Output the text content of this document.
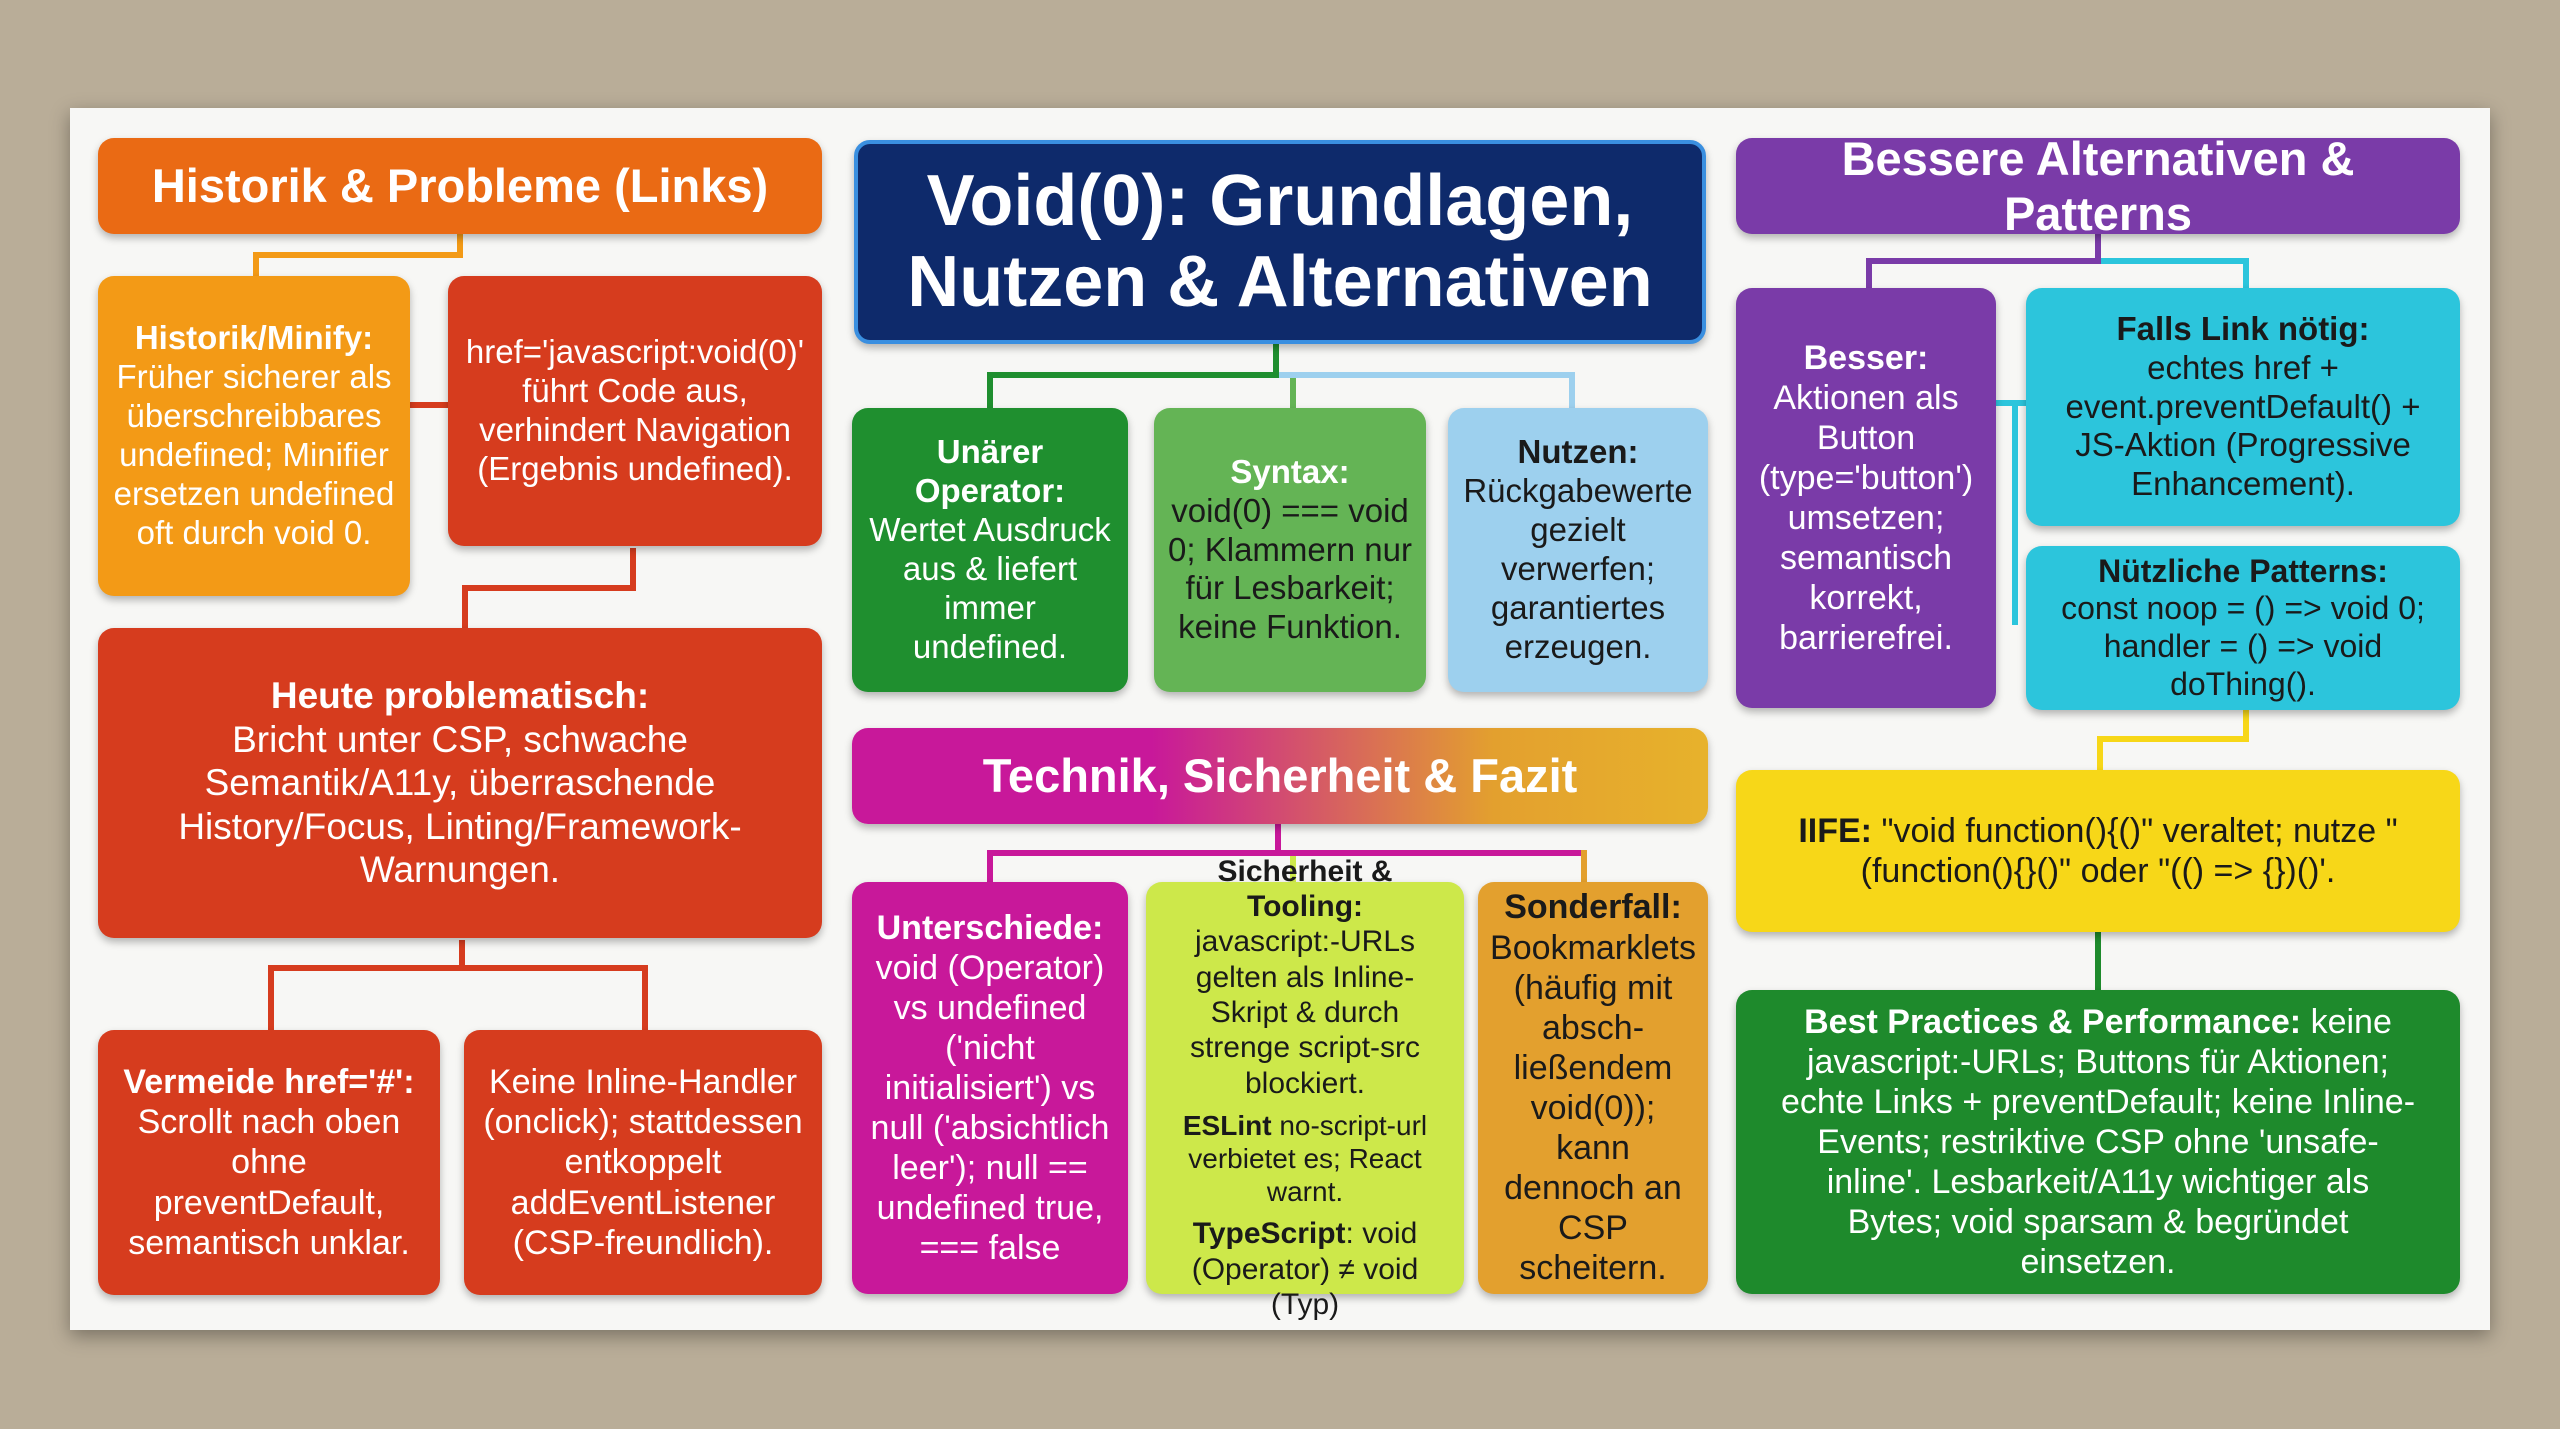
Historik & Probleme (Links)
Historik/Minify:

Früher sicherer als überschreibbares undefined; Minifier ersetzen undefined oft durch void 0.

href='javascript:void(0)' führt Code aus, verhindert Navigation (Ergebnis undefined).

Heute problematisch:

Bricht unter CSP, schwache Semantik/A11y, überraschende History/Focus, Linting/Framework-Warnungen.

Vermeide href='#':

Scrollt nach oben ohne preventDefault, semantisch unklar.

Keine Inline-Handler (onclick); stattdessen entkoppelt addEventListener (CSP-freundlich).

Void(0): Grundlagen,
Nutzen & Alternativen
Unärer Operator:

Wertet Ausdruck aus & liefert immer undefined.

Syntax:

void(0) === void 0; Klammern nur für Lesbarkeit; keine Funktion.

Nutzen:

Rückgabewerte gezielt verwerfen; garantiertes erzeugen.

Technik, Sicherheit & Fazit
Unterschiede:

void (Operator) vs undefined ('nicht initialisiert') vs null ('absichtlich leer'); null == undefined true, === false

Sicherheit & Tooling:

javascript:-URLs gelten als Inline-Skript & durch strenge script-src blockiert.

ESLint no-script-url verbietet es; React warnt.

TypeScript: void (Operator) ≠ void (Typ)

Sonderfall:

Bookmarklets (häufig mit absch-ließendem void(0)); kann dennoch an CSP scheitern.

Bessere Alternativen & Patterns
Besser:

Aktionen als Button (type='button') umsetzen; semantisch korrekt, barrierefrei.

Falls Link nötig:

echtes href + event.preventDefault() + JS-Aktion (Progressive Enhancement).

Nützliche Patterns:

const noop = () => void 0;

handler = () => void doThing().

IIFE: "void function(){()" veraltet; nutze "(function(){}()" oder "(() => {})()'.

Best Practices & Performance: keine javascript:-URLs; Buttons für Aktionen; echte Links + preventDefault; keine Inline-Events; restriktive CSP ohne 'unsafe-inline'. Lesbarkeit/A11y wichtiger als Bytes; void sparsam & begründet einsetzen.
